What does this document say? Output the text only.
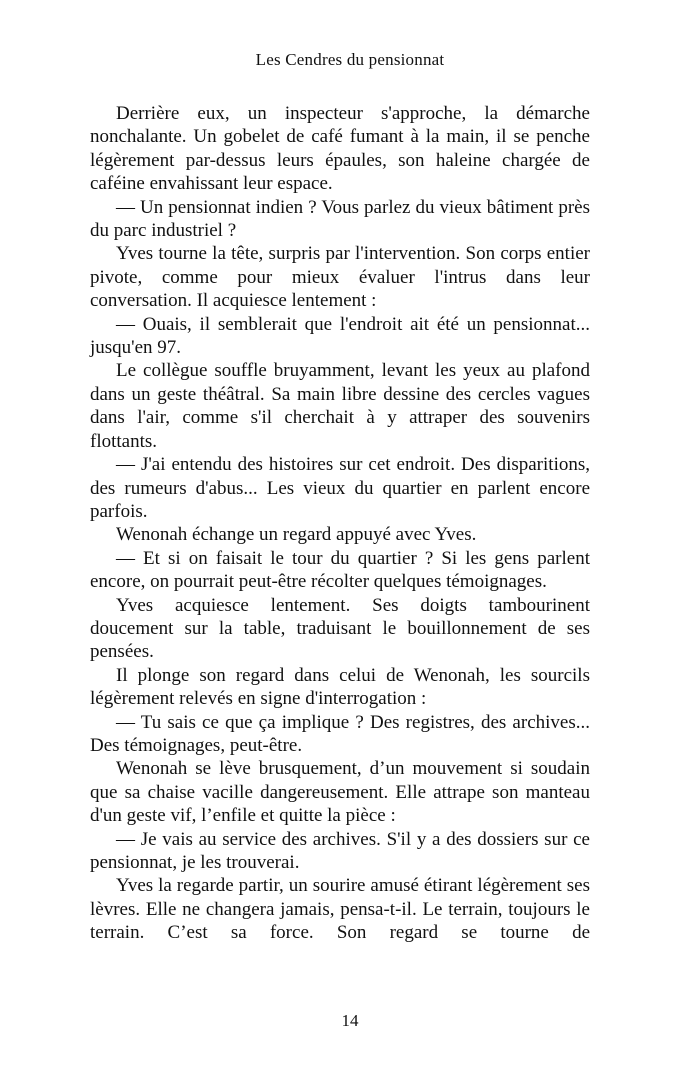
Les Cendres du pensionnat

Derrière eux, un inspecteur s'approche, la démarche nonchalante. Un gobelet de café fumant à la main, il se penche légèrement par-dessus leurs épaules, son haleine chargée de caféine envahissant leur espace.

— Un pensionnat indien ? Vous parlez du vieux bâtiment près du parc industriel ?

Yves tourne la tête, surpris par l'intervention. Son corps entier pivote, comme pour mieux évaluer l'intrus dans leur conversation. Il acquiesce lentement :

— Ouais, il semblerait que l'endroit ait été un pensionnat... jusqu'en 97.

Le collègue souffle bruyamment, levant les yeux au plafond dans un geste théâtral. Sa main libre dessine des cercles vagues dans l'air, comme s'il cherchait à y attraper des souvenirs flottants.

— J'ai entendu des histoires sur cet endroit. Des disparitions, des rumeurs d'abus... Les vieux du quartier en parlent encore parfois.

Wenonah échange un regard appuyé avec Yves.

— Et si on faisait le tour du quartier ? Si les gens parlent encore, on pourrait peut-être récolter quelques témoignages.

Yves acquiesce lentement. Ses doigts tambourinent doucement sur la table, traduisant le bouillonnement de ses pensées.

Il plonge son regard dans celui de Wenonah, les sourcils légèrement relevés en signe d'interrogation :

— Tu sais ce que ça implique ? Des registres, des archives... Des témoignages, peut-être.

Wenonah se lève brusquement, d’un mouvement si soudain que sa chaise vacille dangereusement. Elle attrape son manteau d'un geste vif, l’enfile et quitte la pièce :

— Je vais au service des archives. S'il y a des dossiers sur ce pensionnat, je les trouverai.

Yves la regarde partir, un sourire amusé étirant légèrement ses lèvres. Elle ne changera jamais, pensa-t-il. Le terrain, toujours le terrain. C’est sa force. Son regard se tourne de

14
